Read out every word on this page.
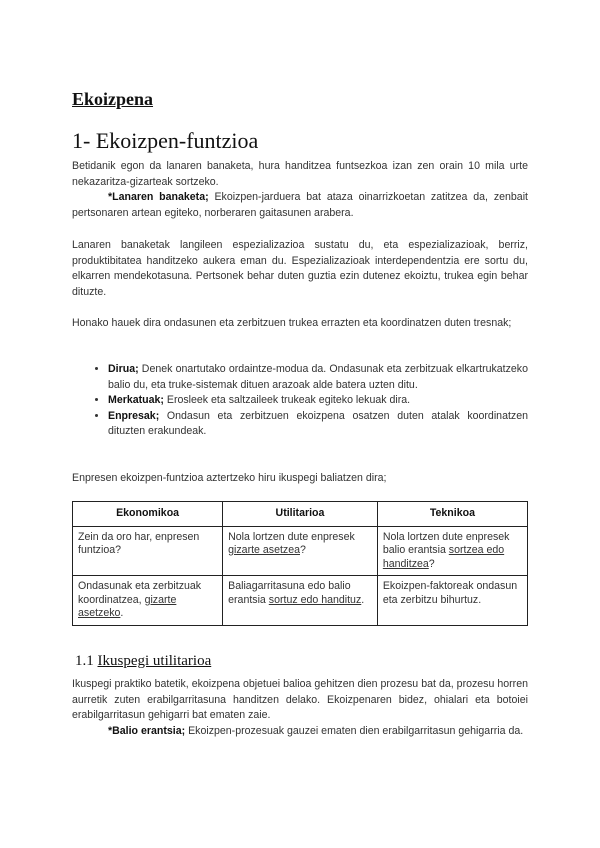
Ekoizpena
1- Ekoizpen-funtzioa
Betidanik egon da lanaren banaketa, hura handitzea funtsezkoa izan zen orain 10 mila urte nekazaritza-gizarteak sortzeko.
*Lanaren banaketa; Ekoizpen-jarduera bat ataza oinarrizkoetan zatitzea da, zenbait pertsonaren artean egiteko, norberaren gaitasunen arabera.
Lanaren banaketak langileen espezializazioa sustatu du, eta espezializazioak, berriz, produktibitatea handitzeko aukera eman du. Espezializazioak interdependentzia ere sortu du, elkarren mendekotasuna. Pertsonek behar duten guztia ezin dutenez ekoiztu, trukea egin behar dituzte.
Honako hauek dira ondasunen eta zerbitzuen trukea errazten eta koordinatzen duten tresnak;
• Dirua; Denek onartutako ordaintze-modua da. Ondasunak eta zerbitzuak elkartrukatzeko balio du, eta truke-sistemak dituen arazoak alde batera uzten ditu.
• Merkatuak; Erosleek eta saltzaileek trukeak egiteko lekuak dira.
• Enpresak; Ondasun eta zerbitzuen ekoizpena osatzen duten atalak koordinatzen dituzten erakundeak.
Enpresen ekoizpen-funtzioa aztertzeko hiru ikuspegi baliatzen dira;
Ekonomikoa	Utilitarioa	Teknikoa
Zein da oro har, enpresen funtzioa?	Nola lortzen dute enpresek gizarte asetzea?	Nola lortzen dute enpresek balio erantsia sortzea edo handitzea?
Ondasunak eta zerbitzuak koordinatzea, gizarte asetzeko.	Baliagarritasuna edo balio erantsia sortuz edo handituz.	Ekoizpen-faktoreak ondasun eta zerbitzu bihurtuz.
1.1 Ikuspegi utilitarioa
Ikuspegi praktiko batetik, ekoizpena objetuei balioa gehitzen dien prozesu bat da, prozesu horren aurretik zuten erabilgarritasuna handitzen delako. Ekoizpenaren bidez, ohialari eta botoiei erabilgarritasun gehigarri bat ematen zaie.
*Balio erantsia; Ekoizpen-prozesuak gauzei ematen dien erabilgarritasun gehigarria da.
